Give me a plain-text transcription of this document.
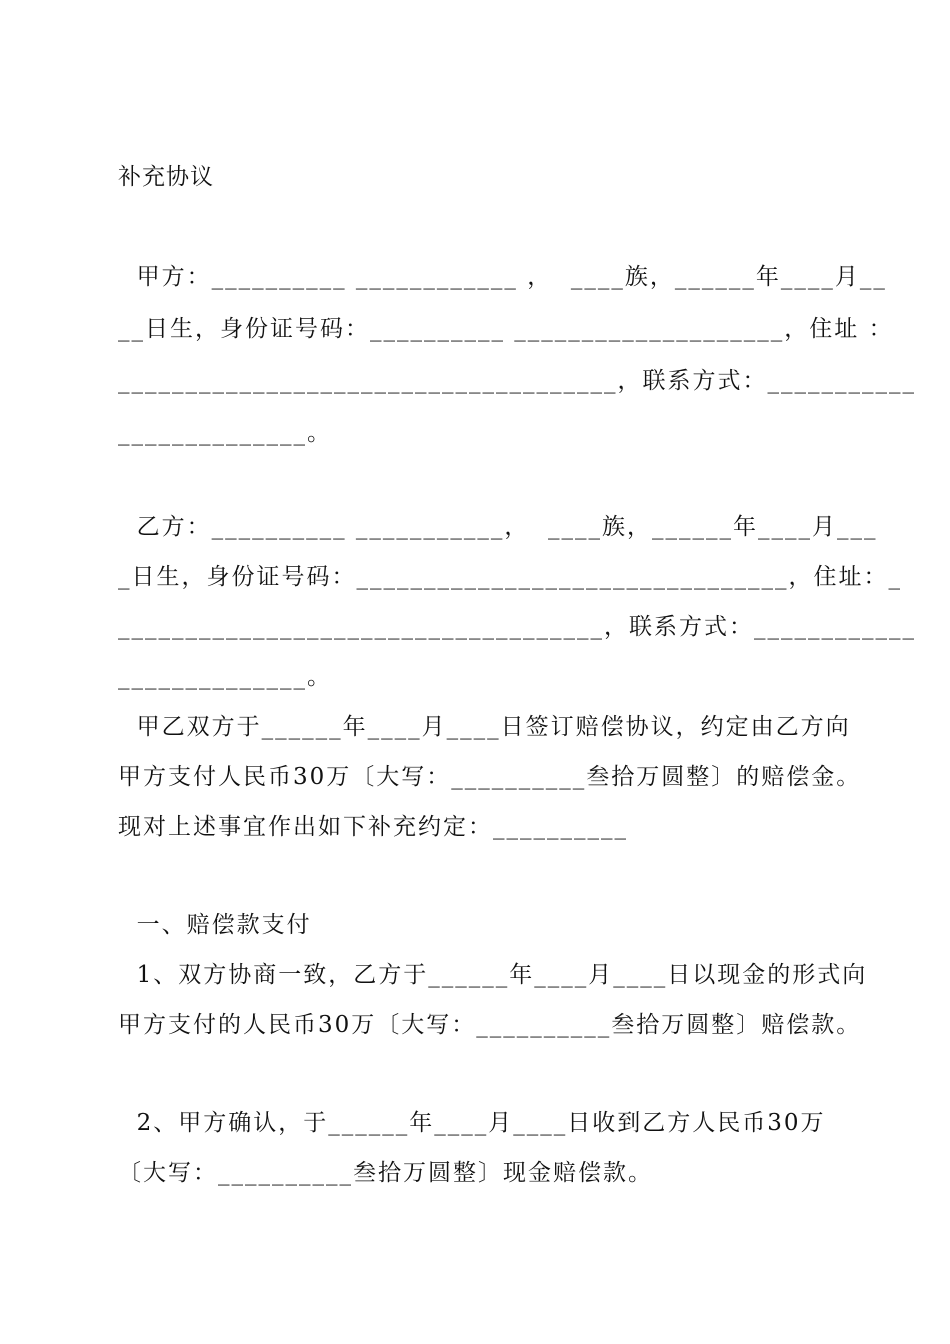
补充协议
甲方：__________ ____________ ，  ____族，______年____月__
__日生，身份证号码：__________ ____________________，住址 ：
_____________________________________，联系方式：___________
______________。
乙方：__________ ___________，  ____族，______年____月___
_日生，身份证号码：________________________________，住址：_
____________________________________，联系方式：____________
______________。
甲乙双方于______年____月____日签订赔偿协议，约定由乙方向
甲方支付人民币30万〔大写：__________叁拾万圆整〕的赔偿金。
现对上述事宜作出如下补充约定：__________
一、赔偿款支付
1、双方协商一致，乙方于______年____月____日以现金的形式向
甲方支付的人民币30万〔大写：__________叁拾万圆整〕赔偿款。
2、甲方确认，于______年____月____日收到乙方人民币30万
〔大写：__________叁拾万圆整〕现金赔偿款。
